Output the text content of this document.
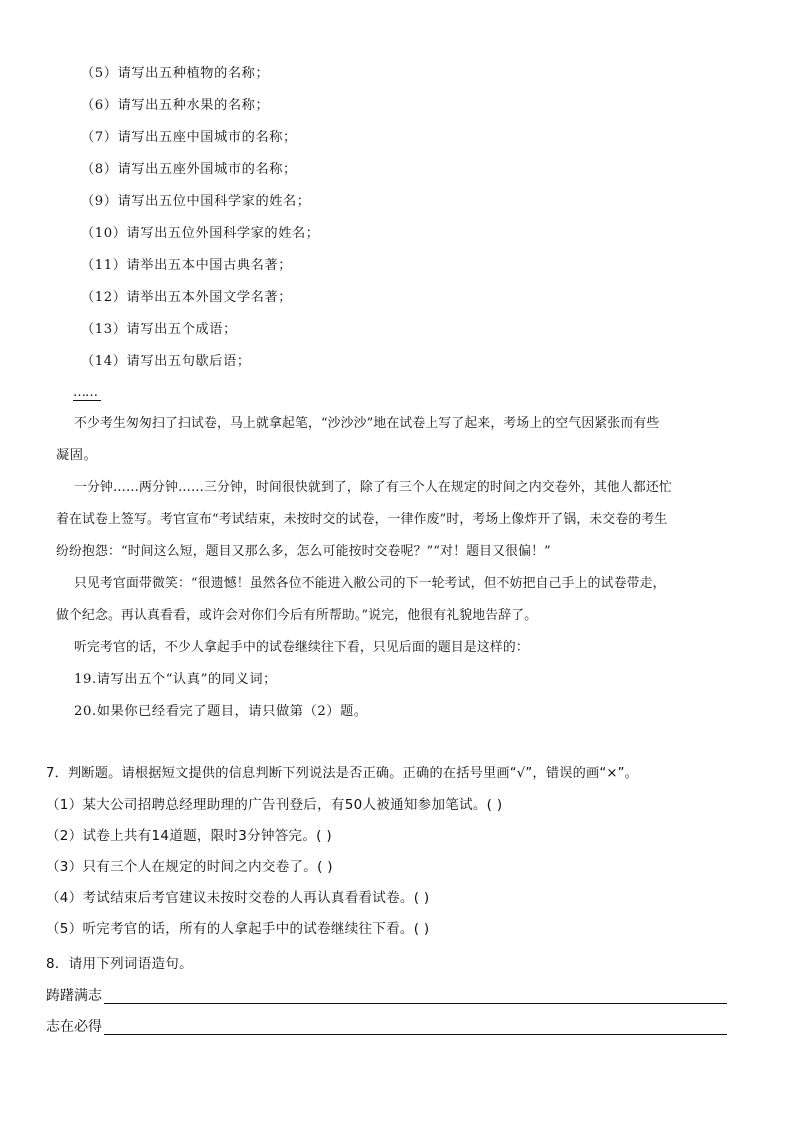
（5）请写出五种植物的名称；
（6）请写出五种水果的名称；
（7）请写出五座中国城市的名称；
（8）请写出五座外国城市的名称；
（9）请写出五位中国科学家的姓名；
（10）请写出五位外国科学家的姓名；
（11）请举出五本中国古典名著；
（12）请举出五本外国文学名著；
（13）请写出五个成语；
（14）请写出五句歇后语；
……
不少考生匆匆扫了扫试卷，马上就拿起笔，“沙沙沙”地在试卷上写了起来，考场上的空气因紧张而有些
凝固。
一分钟……两分钟……三分钟，时间很快就到了，除了有三个人在规定的时间之内交卷外，其他人都还忙
着在试卷上签写。考官宣布“考试结束，未按时交的试卷，一律作废”时，考场上像炸开了锅，未交卷的考生
纷纷抱怨：“时间这么短，题目又那么多，怎么可能按时交卷呢？”“对！题目又很偏！”
只见考官面带微笑：“很遗憾！虽然各位不能进入敝公司的下一轮考试，但不妨把自己手上的试卷带走，
做个纪念。再认真看看，或许会对你们今后有所帮助。”说完，他很有礼貌地告辞了。
听完考官的话，不少人拿起手中的试卷继续往下看，只见后面的题目是这样的：
19.请写出五个“认真”的同义词；
20.如果你已经看完了题目，请只做第（2）题。
7．判断题。请根据短文提供的信息判断下列说法是否正确。正确的在括号里画“√”，错误的画“×”。
（1）某大公司招聘总经理助理的广告刊登后，有50人被通知参加笔试。( )
（2）试卷上共有14道题，限时3分钟答完。( )
（3）只有三个人在规定的时间之内交卷了。( )
（4）考试结束后考官建议未按时交卷的人再认真看看试卷。( )
（5）听完考官的话，所有的人拿起手中的试卷继续往下看。( )
8．请用下列词语造句。
踌躇满志
志在必得
